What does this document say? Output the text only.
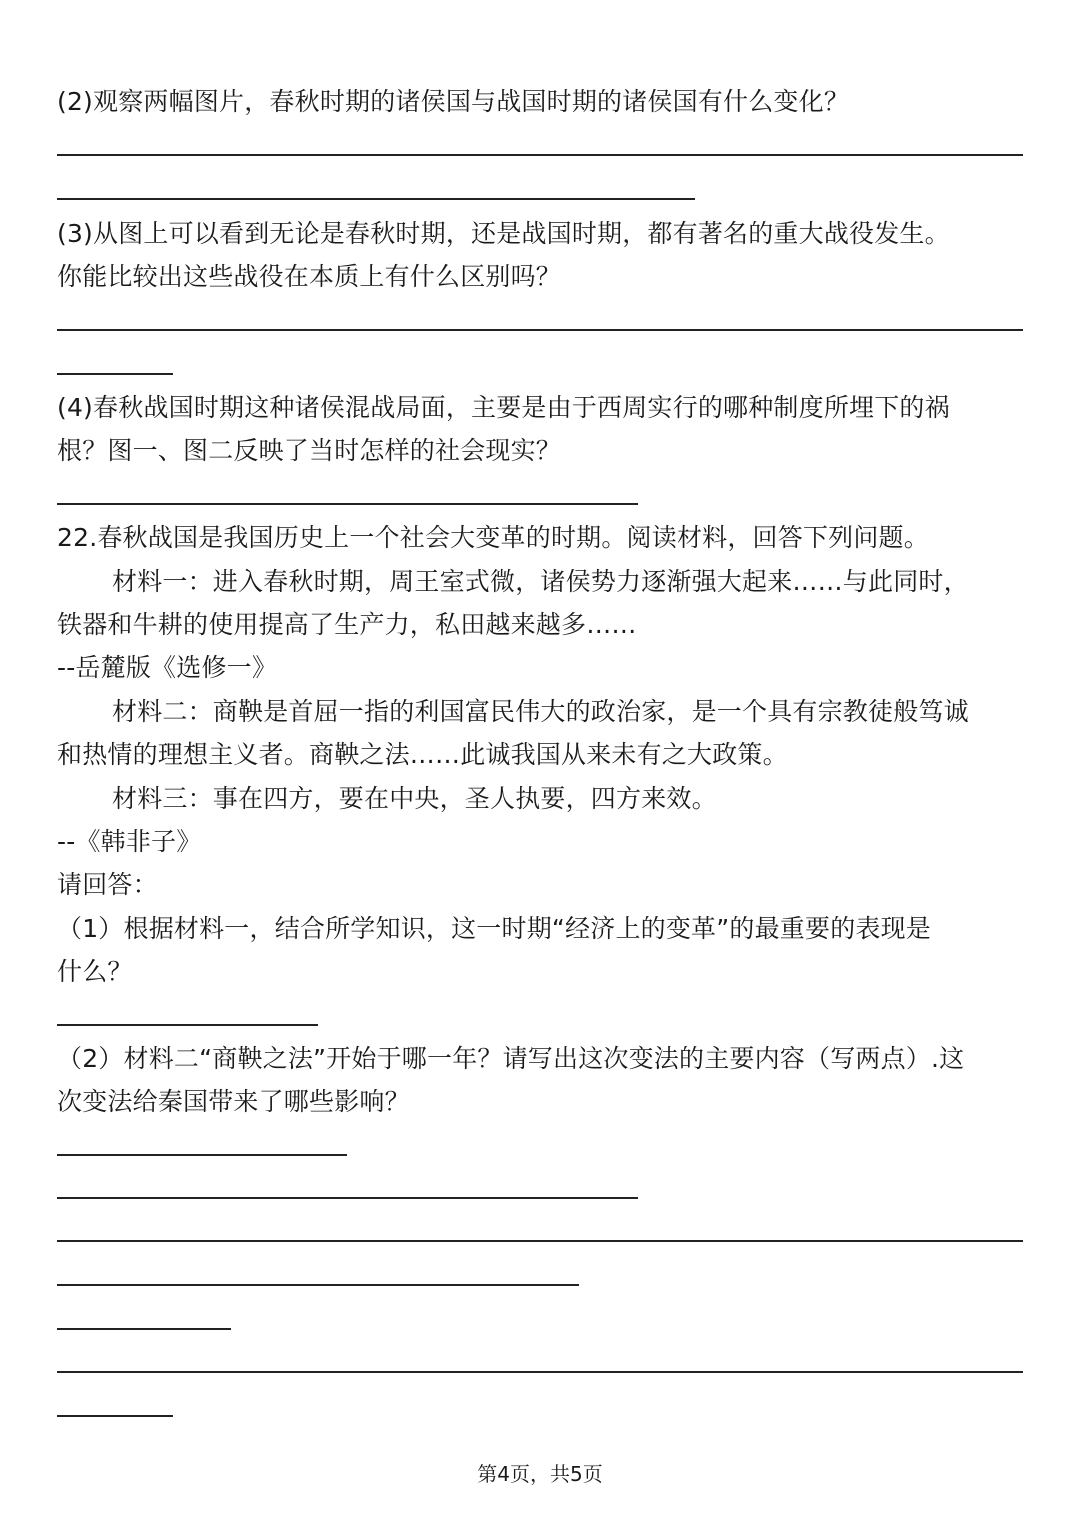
(2)观察两幅图片，春秋时期的诸侯国与战国时期的诸侯国有什么变化？
(3)从图上可以看到无论是春秋时期，还是战国时期，都有著名的重大战役发生。
你能比较出这些战役在本质上有什么区别吗？
(4)春秋战国时期这种诸侯混战局面，主要是由于西周实行的哪种制度所埋下的祸
根？图一、图二反映了当时怎样的社会现实？
22.春秋战国是我国历史上一个社会大变革的时期。阅读材料，回答下列问题。
材料一：进入春秋时期，周王室式微，诸侯势力逐渐强大起来……与此同时，
铁器和牛耕的使用提高了生产力，私田越来越多……
--岳麓版《选修一》
材料二：商鞅是首屈一指的利国富民伟大的政治家，是一个具有宗教徒般笃诚
和热情的理想主义者。商鞅之法……此诚我国从来未有之大政策。
材料三：事在四方，要在中央，圣人执要，四方来效。
--《韩非子》
请回答：
（1）根据材料一，结合所学知识，这一时期“经济上的变革”的最重要的表现是
什么？
（2）材料二“商鞅之法”开始于哪一年？请写出这次变法的主要内容（写两点）.这
次变法给秦国带来了哪些影响？
第4页，共5页
